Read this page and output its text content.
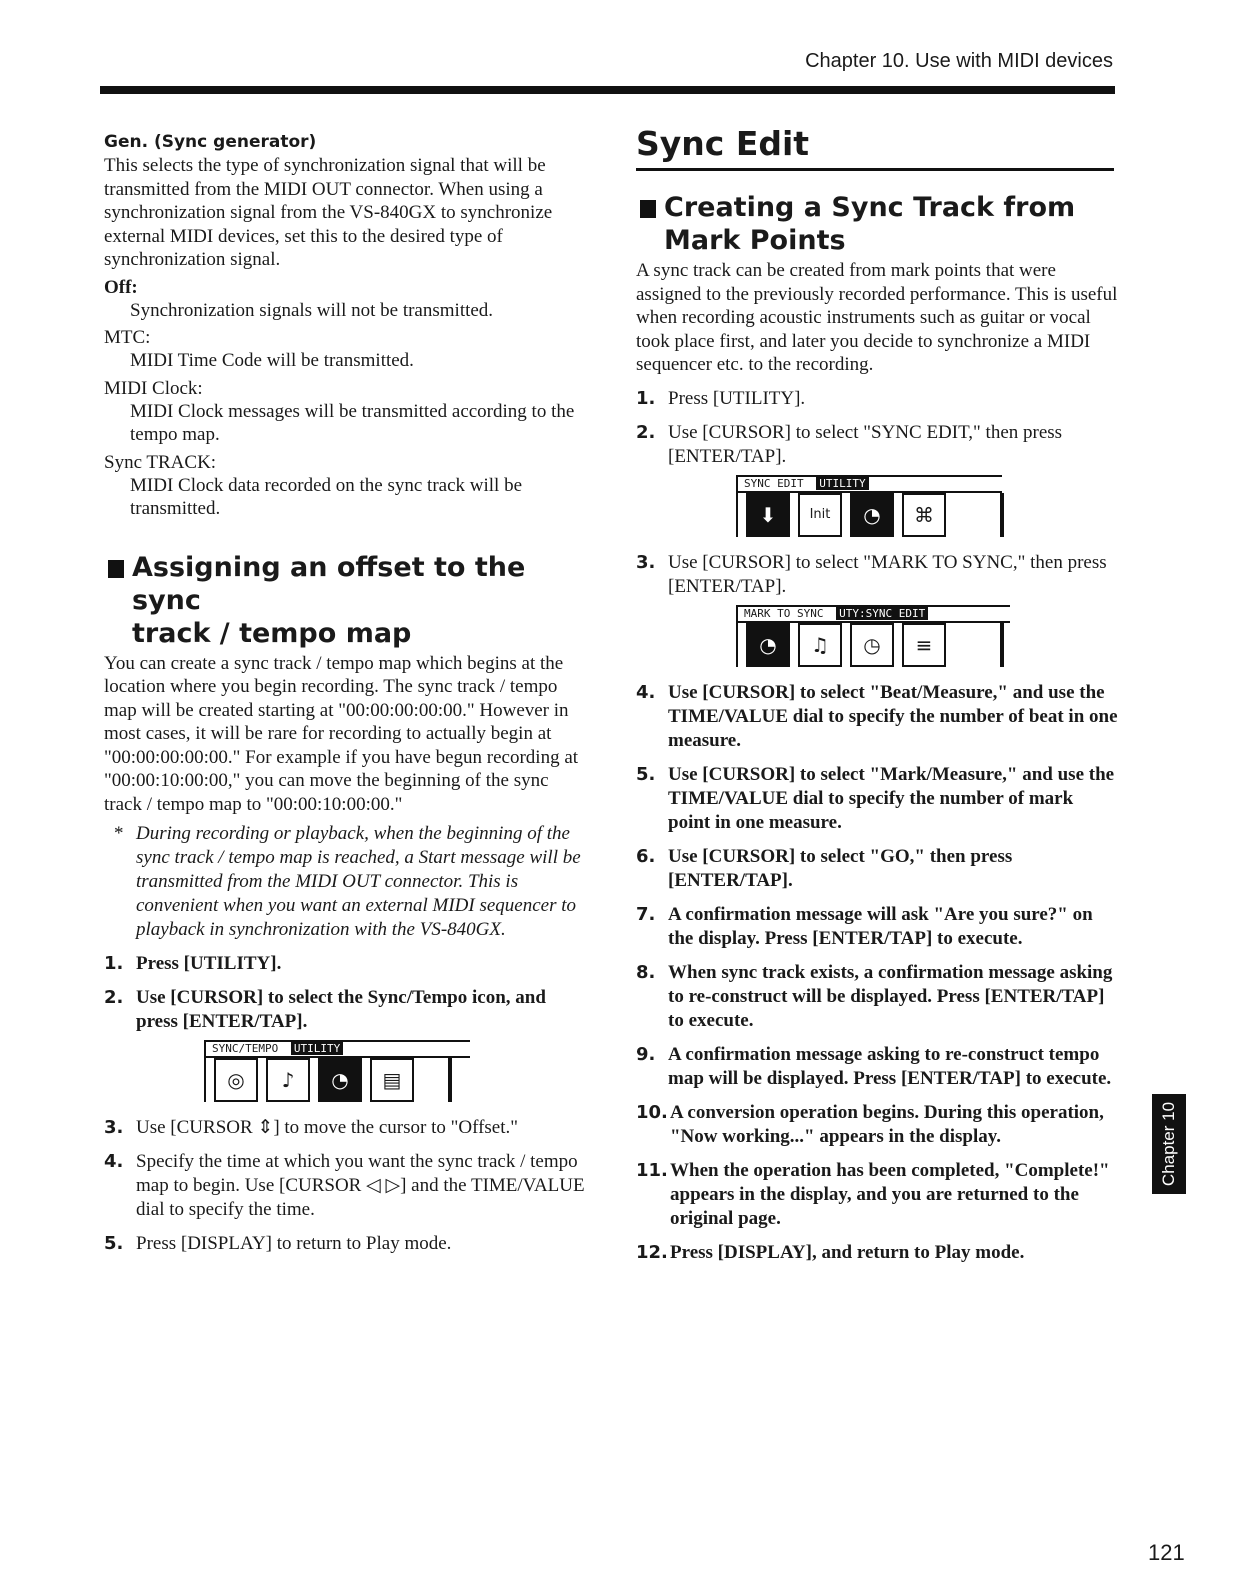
Chapter 10. Use with MIDI devices
Gen. (Sync generator)

This selects the type of synchronization signal that will be transmitted from the MIDI OUT connector. When using a synchronization signal from the VS-840GX to synchronize external MIDI devices, set this to the desired type of synchronization signal.

Off:
Synchronization signals will not be transmitted.
MTC:
MIDI Time Code will be transmitted.
MIDI Clock:
MIDI Clock messages will be transmitted according to the tempo map.
Sync TRACK:
MIDI Clock data recorded on the sync track will be transmitted.
Assigning an offset to the sync
track / tempo map

You can create a sync track / tempo map which begins at the location where you begin recording. The sync track / tempo map will be created starting at "00:00:00:00:00." However in most cases, it will be rare for recording to actually begin at "00:00:00:00:00." For example if you have begun recording at "00:00:10:00:00," you can move the beginning of the sync track / tempo map to "00:00:10:00:00."

* During recording or playback, when the beginning of the sync track / tempo map is reached, a Start message will be transmitted from the MIDI OUT connector. This is convenient when you want an external MIDI sequencer to playback in synchronization with the VS-840GX.
1. Press [UTILITY].
2. Use [CURSOR] to select the Sync/Tempo icon, and press [ENTER/TAP].
SYNC/TEMPO UTILITY
◎	♪	◔	▤
3. Use [CURSOR ⇕] to move the cursor to "Offset."
4. Specify the time at which you want the sync track / tempo map to begin. Use [CURSOR ◁ ▷] and the TIME/VALUE dial to specify the time.
5. Press [DISPLAY] to return to Play mode.
Sync Edit
Creating a Sync Track from
Mark Points

A sync track can be created from mark points that were assigned to the previously recorded performance. This is useful when recording acoustic instruments such as guitar or vocal took place first, and later you decide to synchronize a MIDI sequencer etc. to the recording.

1. Press [UTILITY].
2. Use [CURSOR] to select "SYNC EDIT," then press [ENTER/TAP].
SYNC EDIT UTILITY
⬇	Init	◔	⌘
3. Use [CURSOR] to select "MARK TO SYNC," then press [ENTER/TAP].
MARK TO SYNC UTY:SYNC EDIT
◔	♫	◷	≡
4. Use [CURSOR] to select "Beat/Measure," and use the TIME/VALUE dial to specify the number of beat in one measure.
5. Use [CURSOR] to select "Mark/Measure," and use the TIME/VALUE dial to specify the number of mark point in one measure.
6. Use [CURSOR] to select "GO," then press [ENTER/TAP].
7. A confirmation message will ask "Are you sure?" on the display. Press [ENTER/TAP] to execute.
8. When sync track exists, a confirmation message asking to re-construct will be displayed. Press [ENTER/TAP] to execute.
9. A confirmation message asking to re-construct tempo map will be displayed. Press [ENTER/TAP] to execute.
10. A conversion operation begins. During this operation, "Now working..." appears in the display.
11. When the operation has been completed, "Complete!" appears in the display, and you are returned to the original page.
12. Press [DISPLAY], and return to Play mode.
Chapter 10
121
